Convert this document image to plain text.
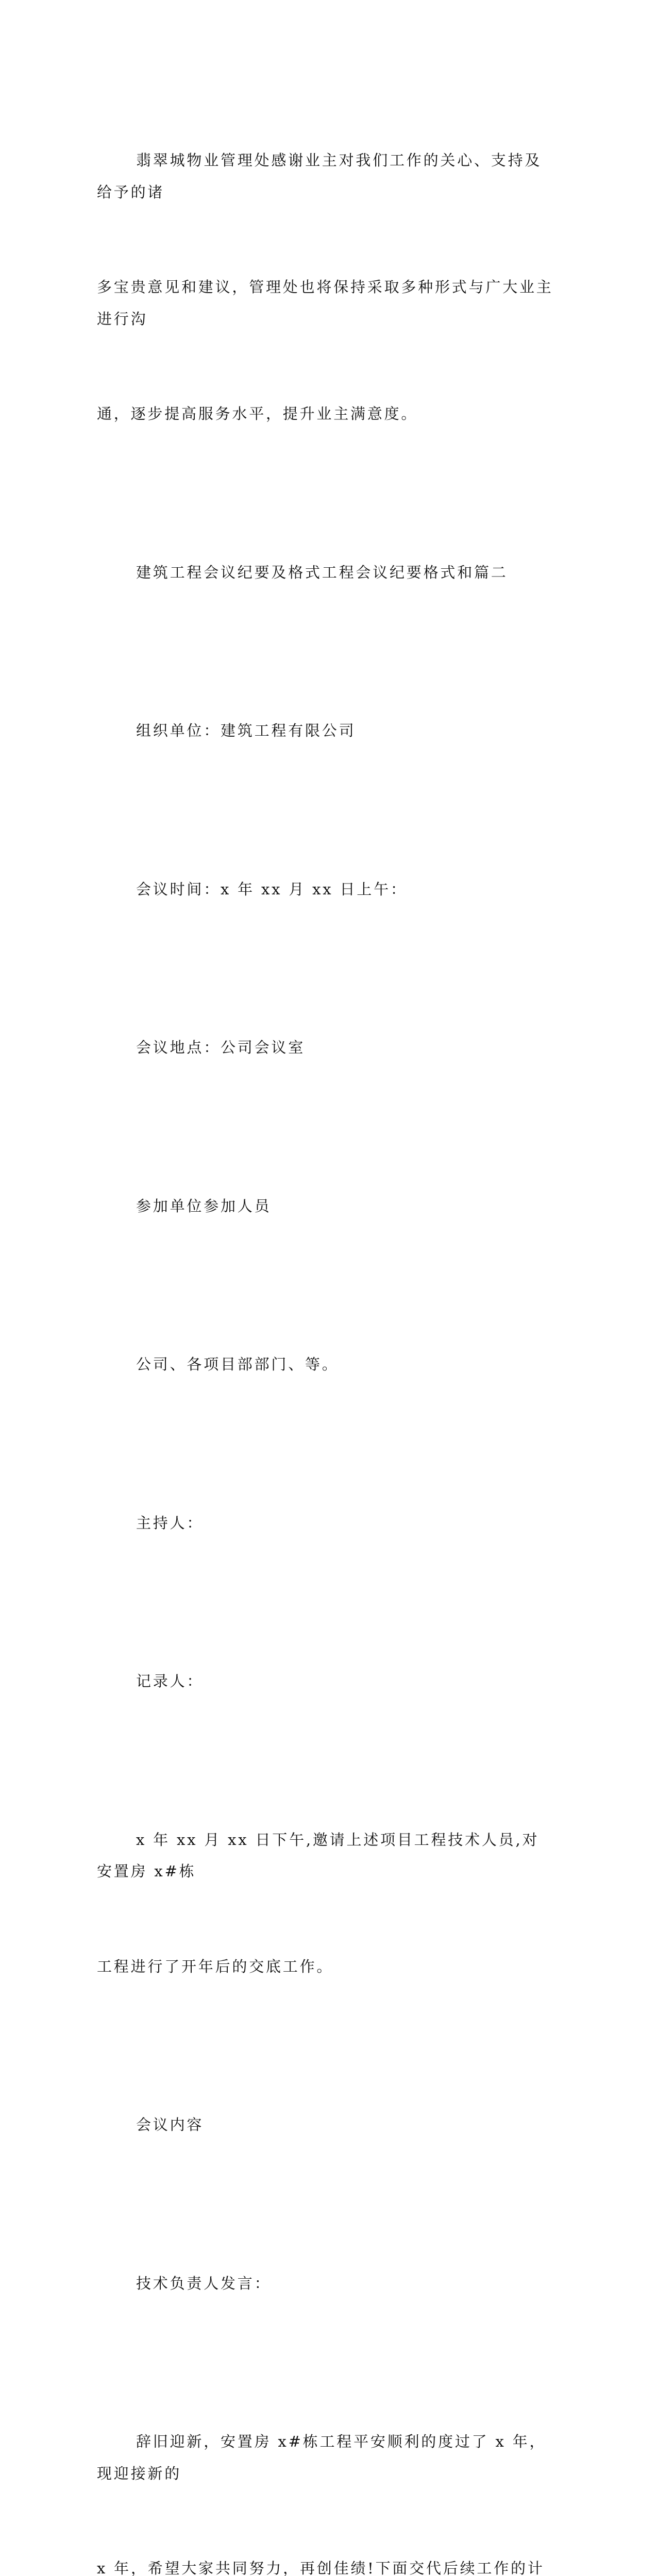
翡翠城物业管理处感谢业主对我们工作的关心、支持及给予的诸

多宝贵意见和建议，管理处也将保持采取多种形式与广大业主进行沟

通，逐步提高服务水平，提升业主满意度。

建筑工程会议纪要及格式工程会议纪要格式和篇二

组织单位：建筑工程有限公司

会议时间：x 年 xx 月 xx 日上午：

会议地点：公司会议室

参加单位参加人员

公司、各项目部部门、等。

主持人：

记录人：

x 年 xx 月 xx 日下午,邀请上述项目工程技术人员,对安置房 x#栋

工程进行了开年后的交底工作。

会议内容

技术负责人发言：

辞旧迎新，安置房 x#栋工程平安顺利的度过了 x 年，现迎接新的

x 年，希望大家共同努力，再创佳绩!下面交代后续工作的计
